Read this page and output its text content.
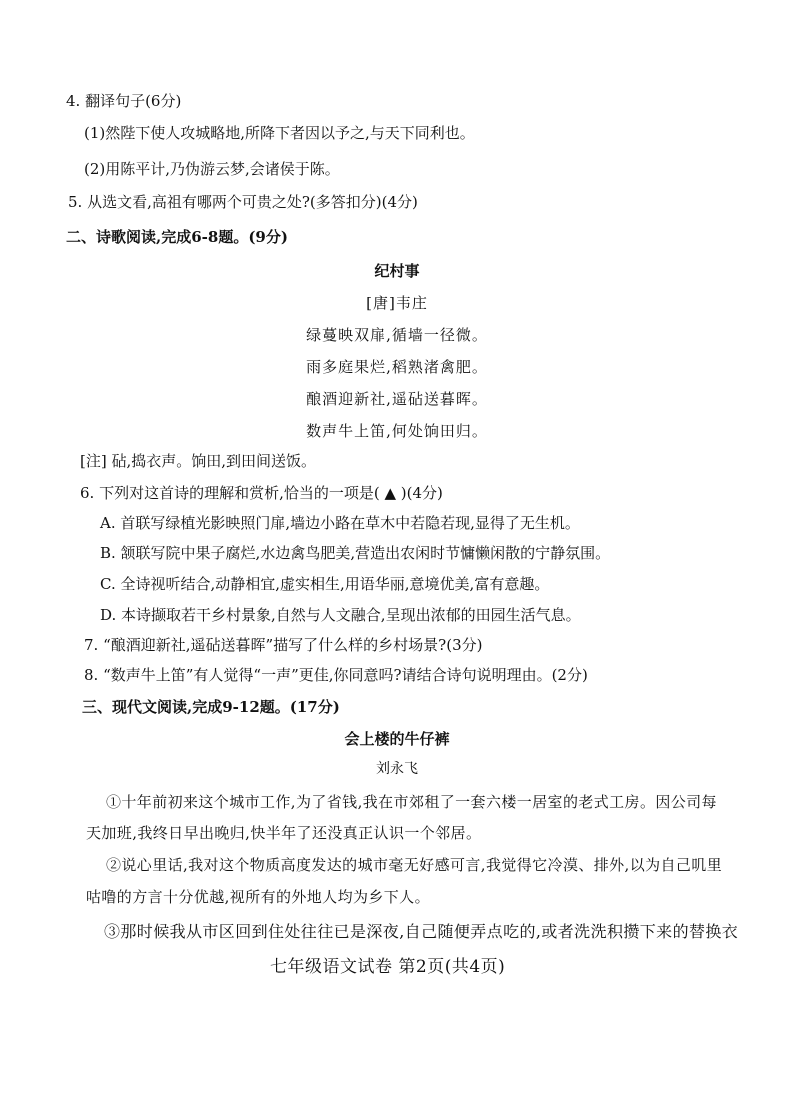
4. 翻译句子(6分)
(1)然陛下使人攻城略地,所降下者因以予之,与天下同利也。
(2)用陈平计,乃伪游云梦,会诸侯于陈。
5. 从选文看,高祖有哪两个可贵之处?(多答扣分)(4分)
二、诗歌阅读,完成6-8题。(9分)
纪村事
[唐]韦庄
绿蔓映双扉,循墙一径微。
雨多庭果烂,稻熟渚禽肥。
酿酒迎新社,遥砧送暮晖。
数声牛上笛,何处饷田归。
[注] 砧,捣衣声。饷田,到田间送饭。
6. 下列对这首诗的理解和赏析,恰当的一项是( ▲ )(4分)
A. 首联写绿植光影映照门扉,墙边小路在草木中若隐若现,显得了无生机。
B. 颔联写院中果子腐烂,水边禽鸟肥美,营造出农闲时节慵懒闲散的宁静氛围。
C. 全诗视听结合,动静相宜,虚实相生,用语华丽,意境优美,富有意趣。
D. 本诗撷取若干乡村景象,自然与人文融合,呈现出浓郁的田园生活气息。
7. “酿酒迎新社,遥砧送暮晖”描写了什么样的乡村场景?(3分)
8. “数声牛上笛”有人觉得“一声”更佳,你同意吗?请结合诗句说明理由。(2分)
三、现代文阅读,完成9-12题。(17分)
会上楼的牛仔裤
刘永飞
①十年前初来这个城市工作,为了省钱,我在市郊租了一套六楼一居室的老式工房。因公司每
天加班,我终日早出晚归,快半年了还没真正认识一个邻居。
②说心里话,我对这个物质高度发达的城市毫无好感可言,我觉得它冷漠、排外,以为自己叽里
咕噜的方言十分优越,视所有的外地人均为乡下人。
③那时候我从市区回到住处往往已是深夜,自己随便弄点吃的,或者洗洗积攒下来的替换衣
七年级语文试卷 第2页(共4页)
